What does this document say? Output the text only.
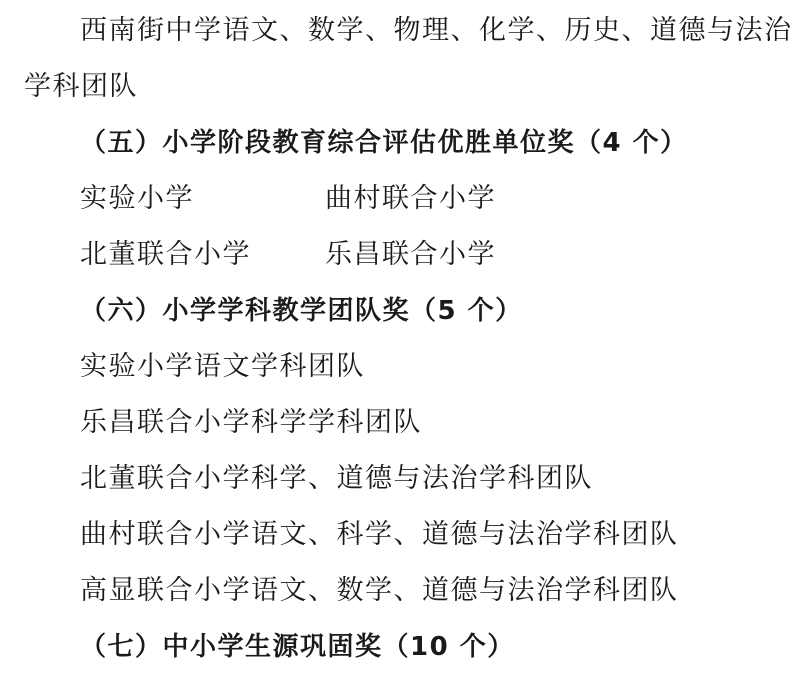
西南街中学语文、数学、物理、化学、历史、道德与法治
学科团队
（五）小学阶段教育综合评估优胜单位奖（4 个）
实验小学	曲村联合小学
北董联合小学	乐昌联合小学
（六）小学学科教学团队奖（5 个）
实验小学语文学科团队
乐昌联合小学科学学科团队
北董联合小学科学、道德与法治学科团队
曲村联合小学语文、科学、道德与法治学科团队
高显联合小学语文、数学、道德与法治学科团队
（七）中小学生源巩固奖（10 个）
